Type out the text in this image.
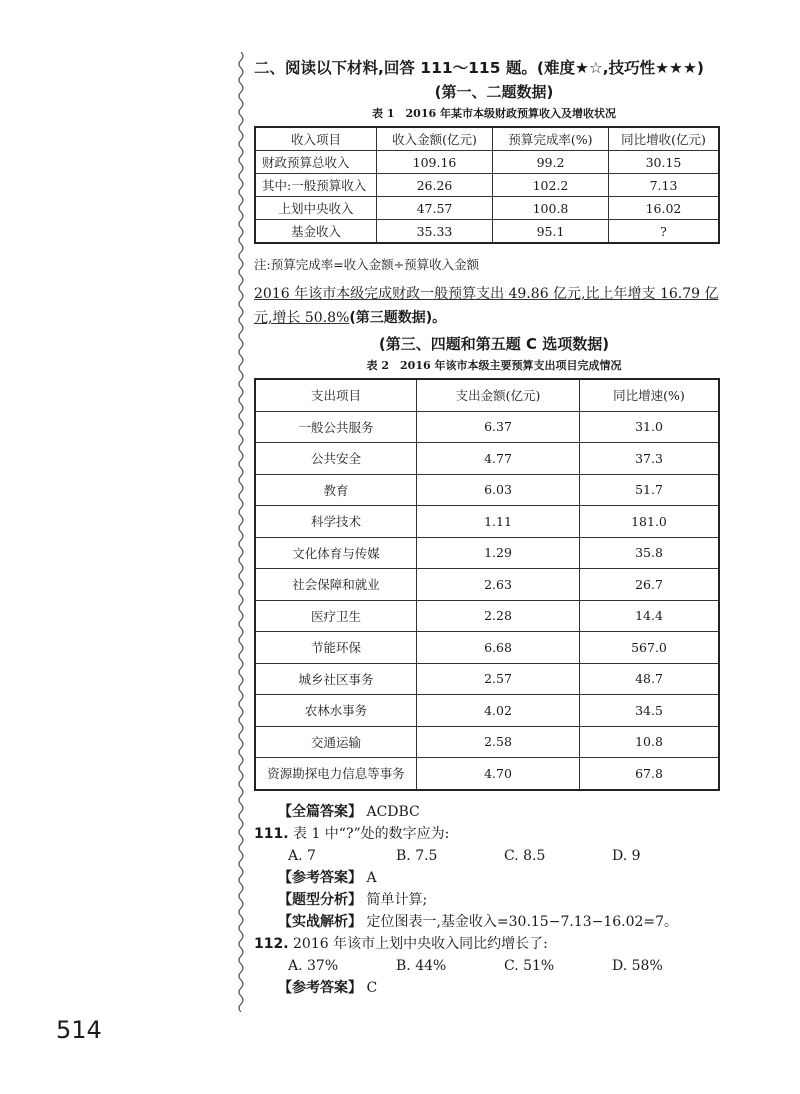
二、阅读以下材料,回答 111～115 题。(难度★☆,技巧性★★★)
(第一、二题数据)
表 1　2016 年某市本级财政预算收入及增收状况
收入项目	收入金额(亿元)	预算完成率(%)	同比增收(亿元)
财政预算总收入	109.16	99.2	30.15
其中:一般预算收入	26.26	102.2	7.13
上划中央收入	47.57	100.8	16.02
基金收入	35.33	95.1	?
注:预算完成率=收入金额÷预算收入金额
2016 年该市本级完成财政一般预算支出 49.86 亿元,比上年增支 16.79 亿元,增长 50.8%(第三题数据)。
(第三、四题和第五题 C 选项数据)
表 2　2016 年该市本级主要预算支出项目完成情况
支出项目	支出金额(亿元)	同比增速(%)
一般公共服务	6.37	31.0
公共安全	4.77	37.3
教育	6.03	51.7
科学技术	1.11	181.0
文化体育与传媒	1.29	35.8
社会保障和就业	2.63	26.7
医疗卫生	2.28	14.4
节能环保	6.68	567.0
城乡社区事务	2.57	48.7
农林水事务	4.02	34.5
交通运输	2.58	10.8
资源勘探电力信息等事务	4.70	67.8
【全篇答案】 ACDBC
111. 表 1 中“?”处的数字应为:
A. 7	B. 7.5	C. 8.5	D. 9
【参考答案】 A
【题型分析】 简单计算;
【实战解析】 定位图表一,基金收入=30.15−7.13−16.02=7。
112. 2016 年该市上划中央收入同比约增长了:
A. 37%	B. 44%	C. 51%	D. 58%
【参考答案】 C
514
